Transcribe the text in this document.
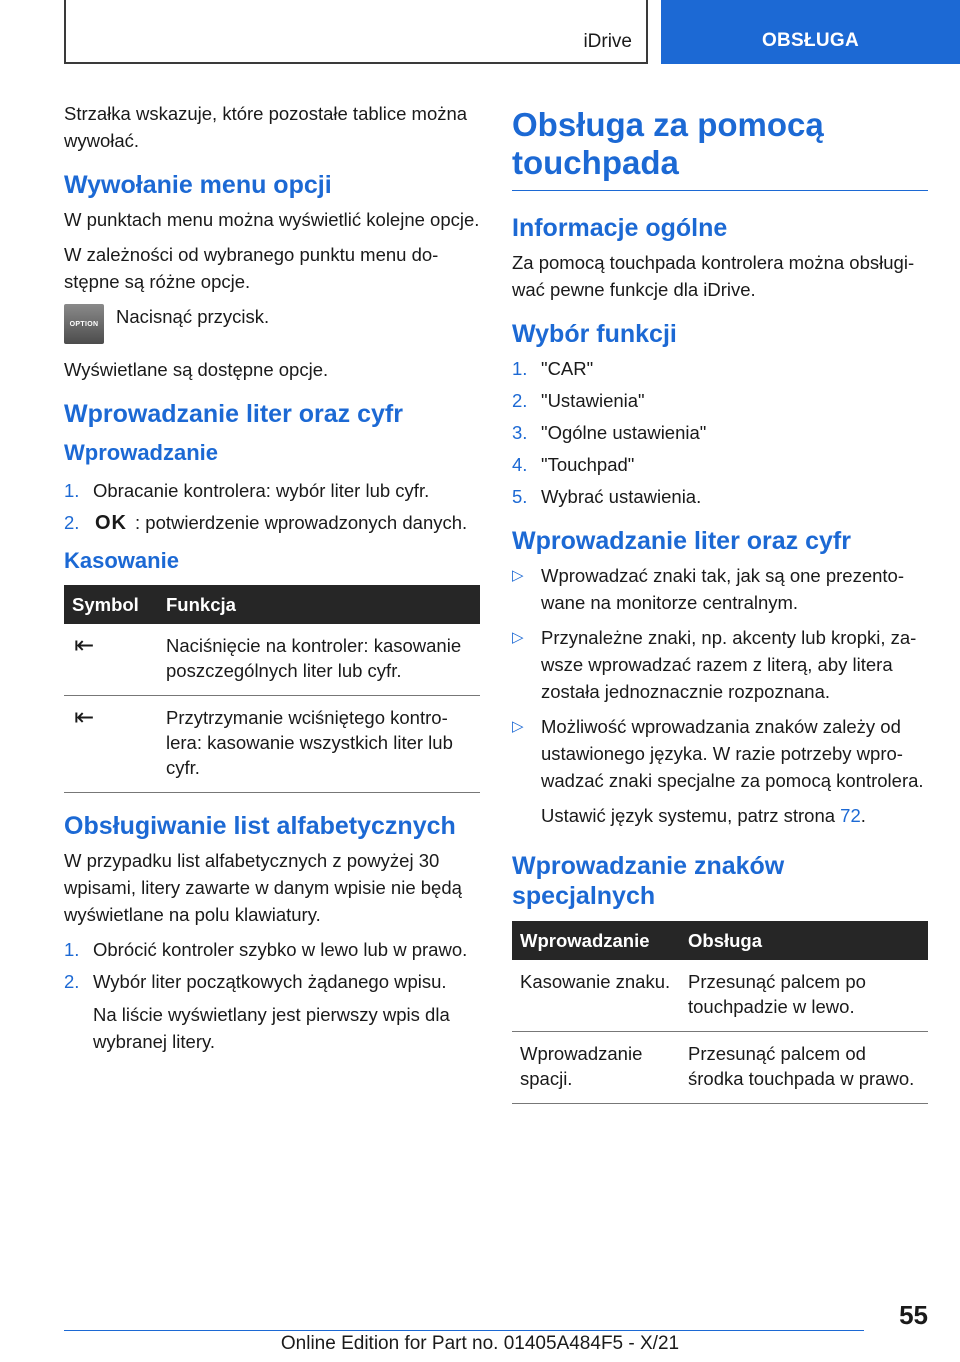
iDrive	OBSŁUGA

Strzałka wskazuje, które pozostałe tablice można wywołać.

Wywołanie menu opcji

W punktach menu można wyświetlić kolejne opcje.

W zależności od wybranego punktu menu dostępne są różne opcje.

OPTION Nacisnąć przycisk.

Wyświetlane są dostępne opcje.

Wprowadzanie liter oraz cyfr
Wprowadzanie
1. Obracanie kontrolera: wybór liter lub cyfr.
2. OK : potwierdzenie wprowadzonych danych.
Kasowanie
Symbol	Funkcja
⇤	Naciśnięcie na kontroler: kasowanie poszczególnych liter lub cyfr.
⇤	Przytrzymanie wciśniętego kontrolera: kasowanie wszystkich liter lub cyfr.
Obsługiwanie list alfabetycznych

W przypadku list alfabetycznych z powyżej 30 wpisami, litery zawarte w danym wpisie nie będą wyświetlane na polu klawiatury.

1. Obrócić kontroler szybko w lewo lub w prawo.
2. Wybór liter początkowych żądanego wpisu.
Na liście wyświetlany jest pierwszy wpis dla wybranej litery.
Obsługa za pomocą touchpada
Informacje ogólne

Za pomocą touchpada kontrolera można obsługiwać pewne funkcje dla iDrive.

Wybór funkcji
1. "CAR"
2. "Ustawienia"
3. "Ogólne ustawienia"
4. "Touchpad"
5. Wybrać ustawienia.
Wprowadzanie liter oraz cyfr
▷ Wprowadzać znaki tak, jak są one prezentowane na monitorze centralnym.
▷ Przynależne znaki, np. akcenty lub kropki, zawsze wprowadzać razem z literą, aby litera została jednoznacznie rozpoznana.
▷ Możliwość wprowadzania znaków zależy od ustawionego języka. W razie potrzeby wprowadzać znaki specjalne za pomocą kontrolera.
Ustawić język systemu, patrz strona 72.
Wprowadzanie znaków specjalnych
Wprowadzanie	Obsługa
Kasowanie znaku.	Przesunąć palcem po touchpadzie w lewo.
Wprowadzanie spacji.	Przesunąć palcem od środka touchpada w prawo.
55
Online Edition for Part no. 01405A484F5 - X/21
